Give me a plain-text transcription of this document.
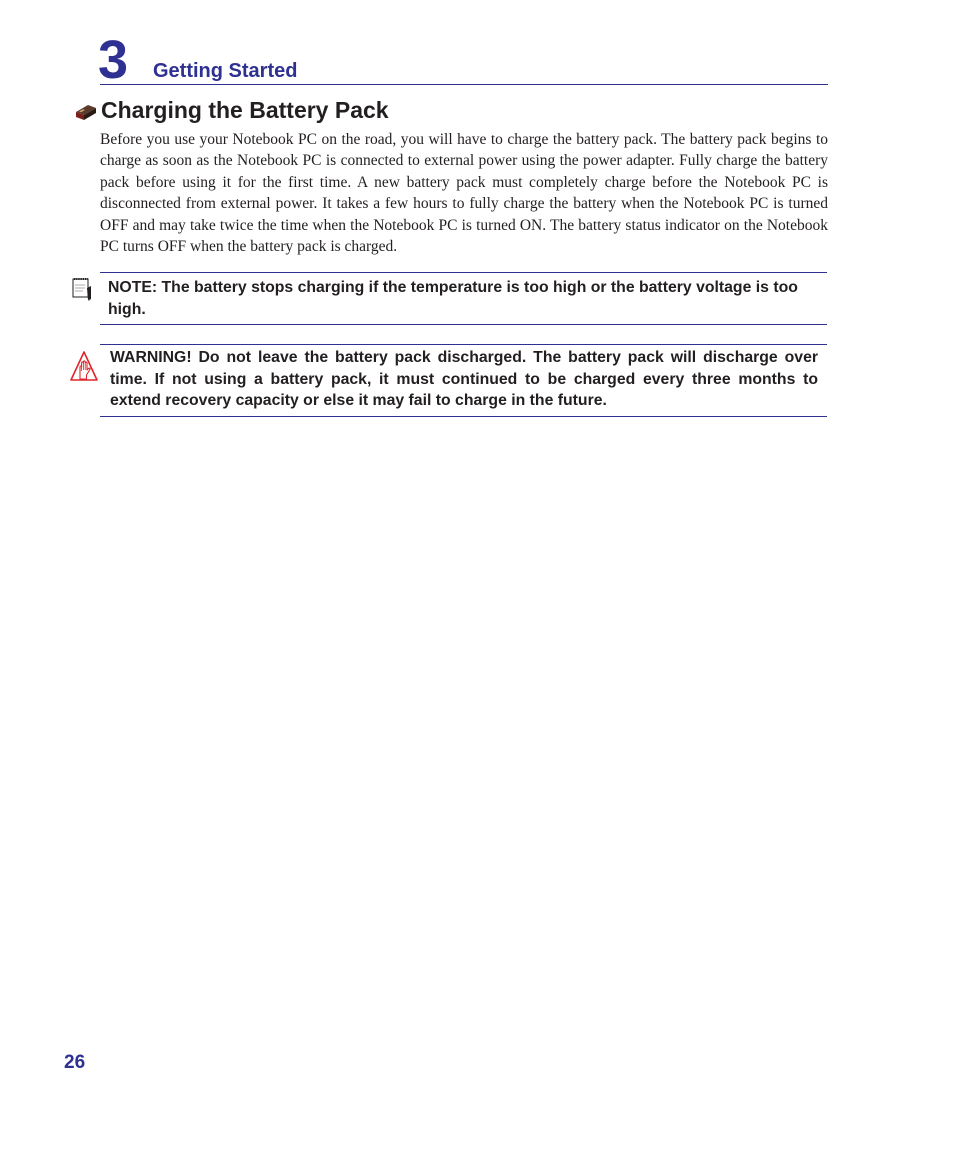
3 Getting Started
Charging the Battery Pack

Before you use your Notebook PC on the road, you will have to charge the battery pack. The battery pack begins to charge as soon as the Notebook PC is connected to external power using the power adapter. Fully charge the battery pack before using it for the first time. A new battery pack must completely charge before the Notebook PC is disconnected from external power. It takes a few hours to fully charge the battery when the Notebook PC is turned OFF and may take twice the time when the Notebook PC is turned ON. The battery status indicator on the Notebook PC turns OFF when the battery pack is charged.

NOTE: The battery stops charging if the temperature is too high or the battery voltage is too high.

WARNING! Do not leave the battery pack discharged. The battery pack will discharge over time. If not using a battery pack, it must continued to be charged every three months to extend recovery capacity or else it may fail to charge in the future.

26
